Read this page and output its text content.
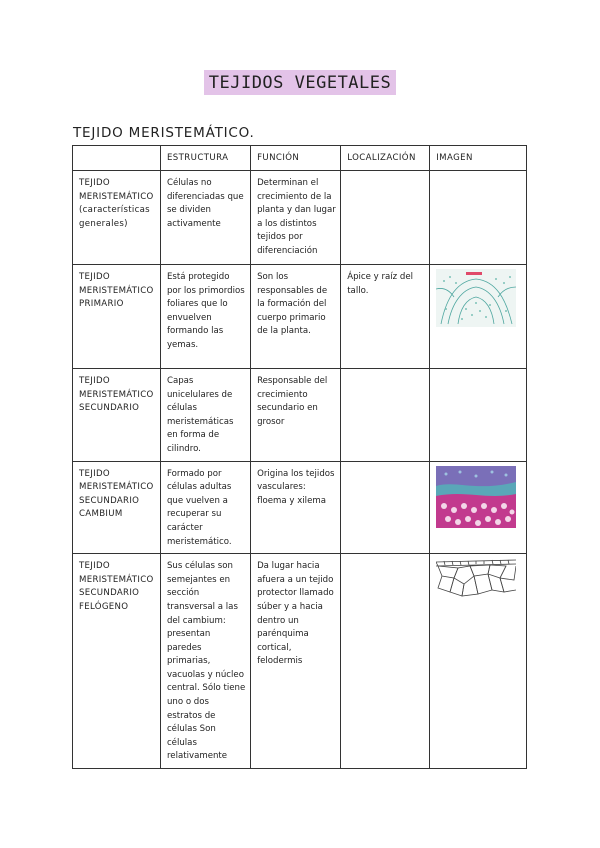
TEJIDOS VEGETALES
TEJIDO MERISTEMÁTICO.
	ESTRUCTURA	FUNCIÓN	LOCALIZACIÓN	IMAGEN
TEJIDO MERISTEMÁTICO (características generales)	Células no diferenciadas que se dividen activamente	Determinan el crecimiento de la planta y dan lugar a los distintos tejidos por diferenciación		
TEJIDO MERISTEMÁTICO PRIMARIO	Está protegido por los primordios foliares que lo envuelven formando las yemas.	Son los responsables de la formación del cuerpo primario de la planta.	Ápice y raíz del tallo.	

TEJIDO MERISTEMÁTICO SECUNDARIO	Capas unicelulares de células meristemáticas en forma de cilindro.	Responsable del crecimiento secundario en grosor		
TEJIDO MERISTEMÁTICO SECUNDARIO CAMBIUM	Formado por células adultas que vuelven a recuperar su carácter meristemático.	Origina los tejidos vasculares: floema y xilema		

TEJIDO MERISTEMÁTICO SECUNDARIO FELÓGENO	Sus células son semejantes en sección transversal a las del cambium: presentan paredes primarias, vacuolas y núcleo central. Sólo tiene uno o dos estratos de células Son células relativamente	Da lugar hacia afuera a un tejido protector llamado súber y a hacia dentro un parénquima cortical, felodermis		
